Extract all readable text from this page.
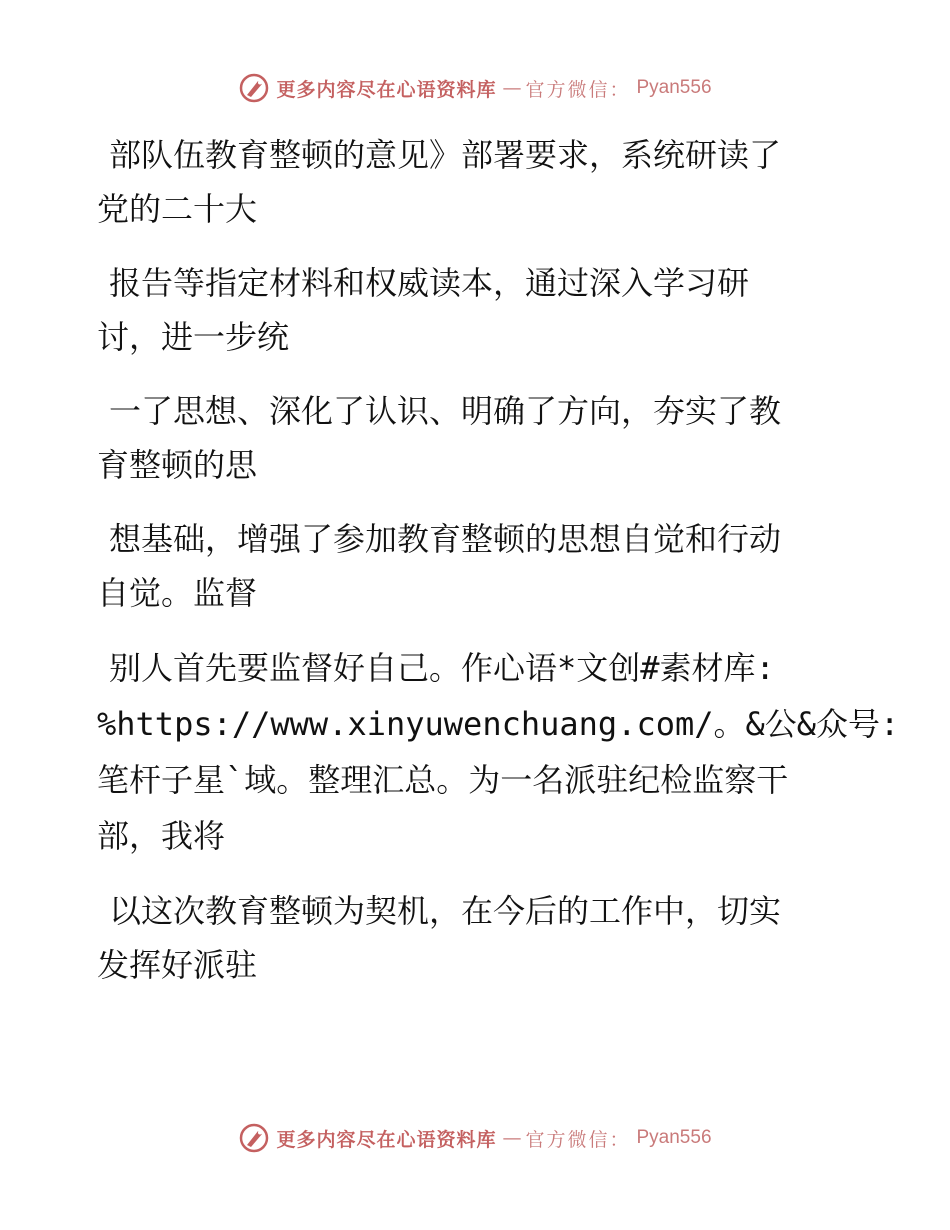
更多内容尽在心语资料库 — 官方微信： Pyan556

部队伍教育整顿的意见》部署要求，系统研读了
党的二十大

报告等指定材料和权威读本，通过深入学习研
讨，进一步统

一了思想、深化了认识、明确了方向，夯实了教
育整顿的思

想基础，增强了参加教育整顿的思想自觉和行动
自觉。监督

别人首先要监督好自己。作心语*文创#素材库:
%https://www.xinyuwenchuang.com/。&公&众号:
笔杆子星`域。整理汇总。为一名派驻纪检监察干
部，我将

以这次教育整顿为契机，在今后的工作中，切实
发挥好派驻

更多内容尽在心语资料库 — 官方微信： Pyan556
